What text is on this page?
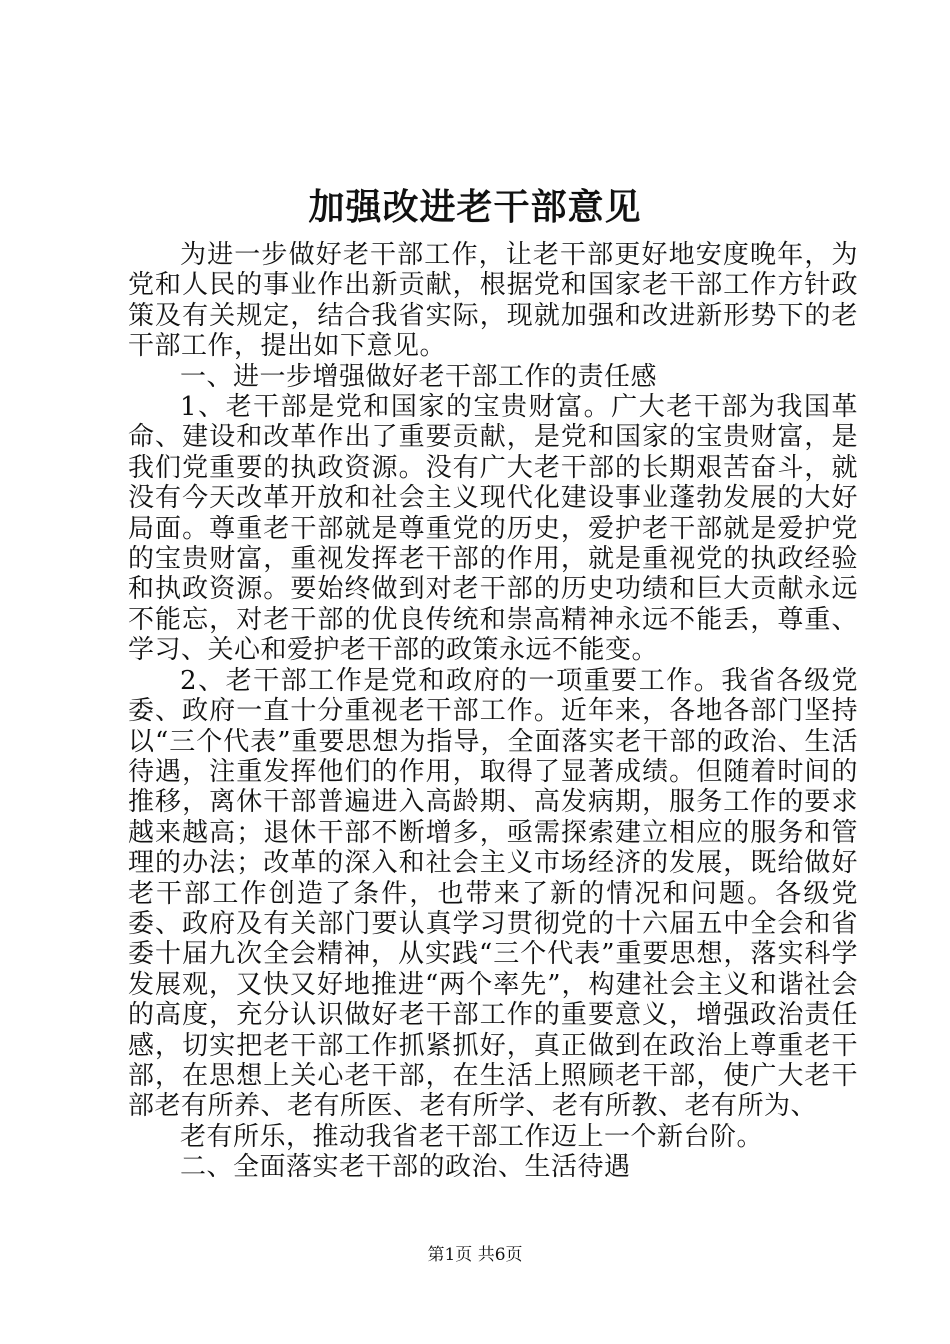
加强改进老干部意见

为进一步做好老干部工作，让老干部更好地安度晚年，为党和人民的事业作出新贡献，根据党和国家老干部工作方针政策及有关规定，结合我省实际，现就加强和改进新形势下的老干部工作，提出如下意见。

一、进一步增强做好老干部工作的责任感

1、老干部是党和国家的宝贵财富。广大老干部为我国革命、建设和改革作出了重要贡献，是党和国家的宝贵财富，是我们党重要的执政资源。没有广大老干部的长期艰苦奋斗，就没有今天改革开放和社会主义现代化建设事业蓬勃发展的大好局面。尊重老干部就是尊重党的历史，爱护老干部就是爱护党的宝贵财富，重视发挥老干部的作用，就是重视党的执政经验和执政资源。要始终做到对老干部的历史功绩和巨大贡献永远不能忘，对老干部的优良传统和崇高精神永远不能丢，尊重、学习、关心和爱护老干部的政策永远不能变。

2、老干部工作是党和政府的一项重要工作。我省各级党委、政府一直十分重视老干部工作。近年来，各地各部门坚持以“三个代表”重要思想为指导，全面落实老干部的政治、生活待遇，注重发挥他们的作用，取得了显著成绩。但随着时间的推移，离休干部普遍进入高龄期、高发病期，服务工作的要求越来越高；退休干部不断增多，亟需探索建立相应的服务和管理的办法；改革的深入和社会主义市场经济的发展，既给做好老干部工作创造了条件，也带来了新的情况和问题。各级党委、政府及有关部门要认真学习贯彻党的十六届五中全会和省委十届九次全会精神，从实践“三个代表”重要思想，落实科学发展观，又快又好地推进“两个率先”，构建社会主义和谐社会的高度，充分认识做好老干部工作的重要意义，增强政治责任感，切实把老干部工作抓紧抓好，真正做到在政治上尊重老干部，在思想上关心老干部，在生活上照顾老干部，使广大老干部老有所养、老有所医、老有所学、老有所教、老有所为、

老有所乐，推动我省老干部工作迈上一个新台阶。

二、全面落实老干部的政治、生活待遇

第1页 共6页
